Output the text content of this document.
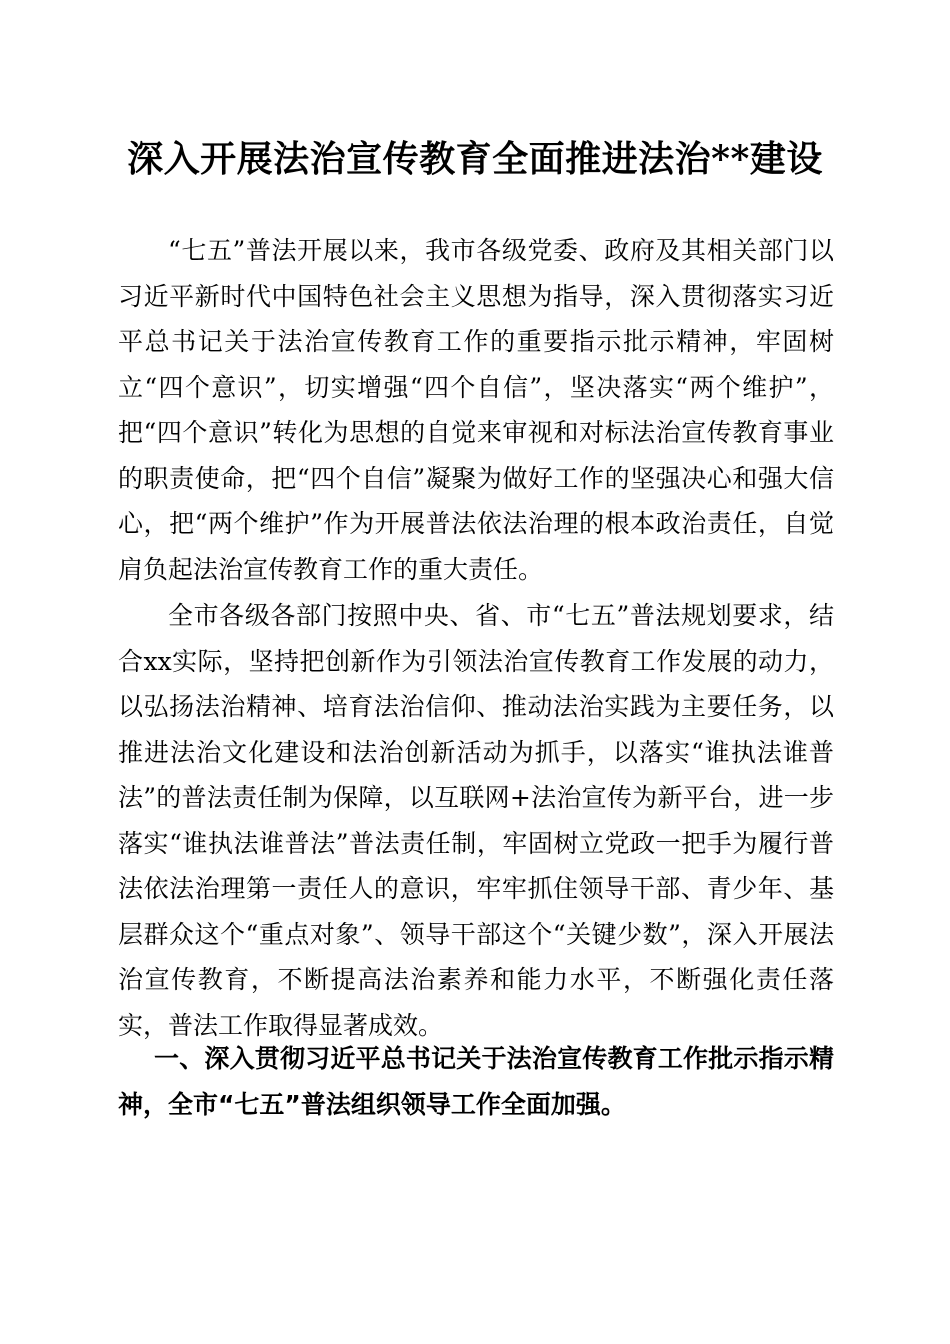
深入开展法治宣传教育全面推进法治**建设

“七五”普法开展以来，我市各级党委、政府及其相关部门以习近平新时代中国特色社会主义思想为指导，深入贯彻落实习近平总书记关于法治宣传教育工作的重要指示批示精神，牢固树立“四个意识”，切实增强“四个自信”，坚决落实“两个维护”，把“四个意识”转化为思想的自觉来审视和对标法治宣传教育事业的职责使命，把“四个自信”凝聚为做好工作的坚强决心和强大信心，把“两个维护”作为开展普法依法治理的根本政治责任，自觉肩负起法治宣传教育工作的重大责任。

全市各级各部门按照中央、省、市“七五”普法规划要求，结合xx实际，坚持把创新作为引领法治宣传教育工作发展的动力，以弘扬法治精神、培育法治信仰、推动法治实践为主要任务，以推进法治文化建设和法治创新活动为抓手，以落实“谁执法谁普法”的普法责任制为保障，以互联网+法治宣传为新平台，进一步落实“谁执法谁普法”普法责任制，牢固树立党政一把手为履行普法依法治理第一责任人的意识，牢牢抓住领导干部、青少年、基层群众这个“重点对象”、领导干部这个“关键少数”，深入开展法治宣传教育，不断提高法治素养和能力水平，不断强化责任落实，普法工作取得显著成效。

一、深入贯彻习近平总书记关于法治宣传教育工作批示指示精神，全市“七五”普法组织领导工作全面加强。
